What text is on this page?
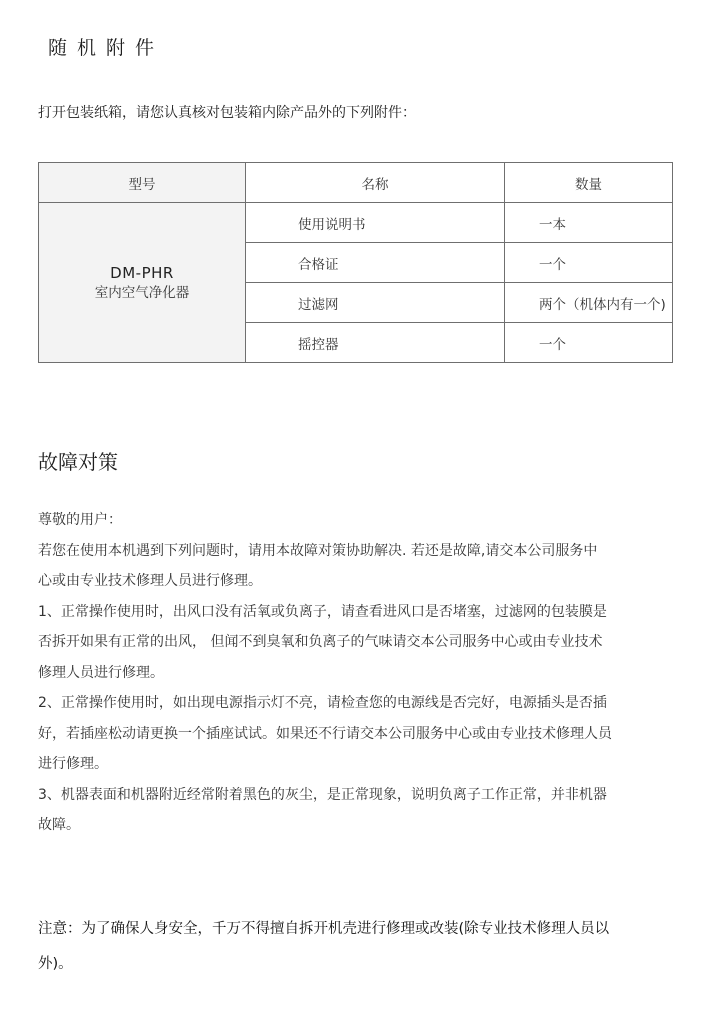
随机附件
打开包装纸箱，请您认真核对包装箱内除产品外的下列附件：
型号	名称	数量

DM-PHR
室内空气净化器	使用说明书	一本
	合格证	一个
	过滤网	两个（机体内有一个)
	摇控器	一个
故障对策

尊敬的用户：

若您在使用本机遇到下列问题时，请用本故障对策协助解决. 若还是故障,请交本公司服务中

心或由专业技术修理人员进行修理。

1、正常操作使用时，出风口没有活氧或负离子，请查看进风口是否堵塞，过滤网的包装膜是

否拆开如果有正常的出风， 但闻不到臭氧和负离子的气味请交本公司服务中心或由专业技术

修理人员进行修理。

2、正常操作使用时，如出现电源指示灯不亮，请检查您的电源线是否完好，电源插头是否插

好，若插座松动请更换一个插座试试。如果还不行请交本公司服务中心或由专业技术修理人员

进行修理。

3、机器表面和机器附近经常附着黑色的灰尘，是正常现象，说明负离子工作正常，并非机器

故障。

注意：为了确保人身安全，千万不得擅自拆开机壳进行修理或改装(除专业技术修理人员以

外)。
